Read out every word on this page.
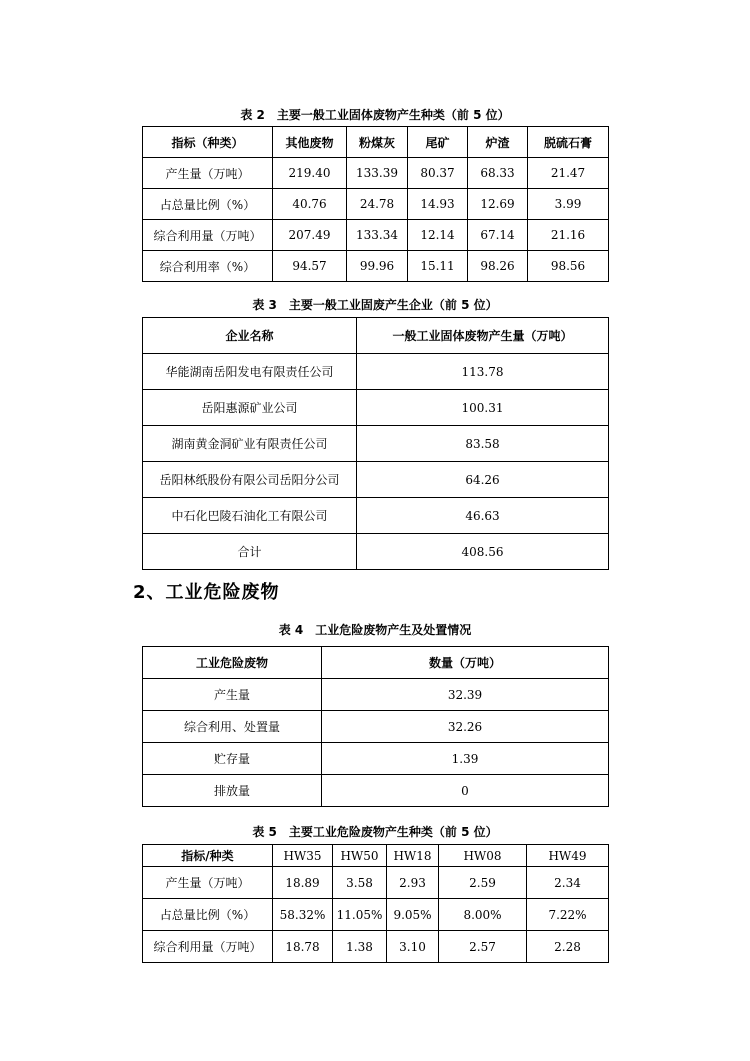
表 2　主要一般工业固体废物产生种类（前 5 位）
指标（种类）	其他废物	粉煤灰	尾矿	炉渣	脱硫石膏
产生量（万吨）	219.40	133.39	80.37	68.33	21.47
占总量比例（%）	40.76	24.78	14.93	12.69	3.99
综合利用量（万吨）	207.49	133.34	12.14	67.14	21.16
综合利用率（%）	94.57	99.96	15.11	98.26	98.56
表 3　主要一般工业固废产生企业（前 5 位）
企业名称	一般工业固体废物产生量（万吨）
华能湖南岳阳发电有限责任公司	113.78
岳阳惠源矿业公司	100.31
湖南黄金洞矿业有限责任公司	83.58
岳阳林纸股份有限公司岳阳分公司	64.26
中石化巴陵石油化工有限公司	46.63
合计	408.56
2、工业危险废物
表 4　工业危险废物产生及处置情况
工业危险废物	数量（万吨）
产生量	32.39
综合利用、处置量	32.26
贮存量	1.39
排放量	0
表 5　主要工业危险废物产生种类（前 5 位）
指标/种类	HW35	HW50	HW18	HW08	HW49
产生量（万吨）	18.89	3.58	2.93	2.59	2.34
占总量比例（%）	58.32%	11.05%	9.05%	8.00%	7.22%
综合利用量（万吨）	18.78	1.38	3.10	2.57	2.28
